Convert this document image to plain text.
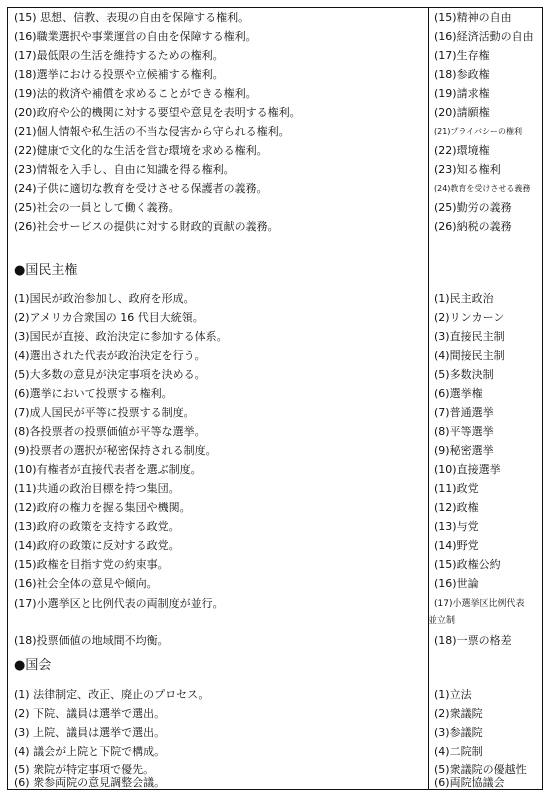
(15) 思想、信教、表現の自由を保障する権利。	(15)精神の自由
(16)職業選択や事業運営の自由を保障する権利。	(16)経済活動の自由
(17)最低限の生活を維持するための権利。	(17)生存権
(18)選挙における投票や立候補する権利。	(18)参政権
(19)法的救済や補償を求めることができる権利。	(19)請求権
(20)政府や公的機関に対する要望や意見を表明する権利。	(20)請願権
(21)個人情報や私生活の不当な侵害から守られる権利。	(21)プライバシーの権利
(22)健康で文化的な生活を営む環境を求める権利。	(22)環境権
(23)情報を入手し、自由に知識を得る権利。	(23)知る権利
(24)子供に適切な教育を受けさせる保護者の義務。	(24)教育を受けさせる義務
(25)社会の一員として働く義務。	(25)勤労の義務
(26)社会サービスの提供に対する財政的貢献の義務。	(26)納税の義務
●国民主権
(1)国民が政治参加し、政府を形成。	(1)民主政治
(2)アメリカ合衆国の 16 代目大統領。	(2)リンカーン
(3)国民が直接、政治決定に参加する体系。	(3)直接民主制
(4)選出された代表が政治決定を行う。	(4)間接民主制
(5)大多数の意見が決定事項を決める。	(5)多数決制
(6)選挙において投票する権利。	(6)選挙権
(7)成人国民が平等に投票する制度。	(7)普通選挙
(8)各投票者の投票価値が平等な選挙。	(8)平等選挙
(9)投票者の選択が秘密保持される制度。	(9)秘密選挙
(10)有権者が直接代表者を選ぶ制度。	(10)直接選挙
(11)共通の政治目標を持つ集団。	(11)政党
(12)政府の権力を握る集団や機関。	(12)政権
(13)政府の政策を支持する政党。	(13)与党
(14)政府の政策に反対する政党。	(14)野党
(15)政権を目指す党の約束事。	(15)政権公約
(16)社会全体の意見や傾向。	(16)世論
(17)小選挙区と比例代表の両制度が並行。	(17)小選挙区比例代表
並立制
(18)投票価値の地域間不均衡。	(18)一票の格差
●国会
(1) 法律制定、改正、廃止のプロセス。	(1)立法
(2) 下院、議員は選挙で選出。	(2)衆議院
(3) 上院、議員は選挙で選出。	(3)参議院
(4) 議会が上院と下院で構成。	(4)二院制
(5) 衆院が特定事項で優先。	(5)衆議院の優越性
(6) 衆参両院の意見調整会議。	(6)両院協議会
